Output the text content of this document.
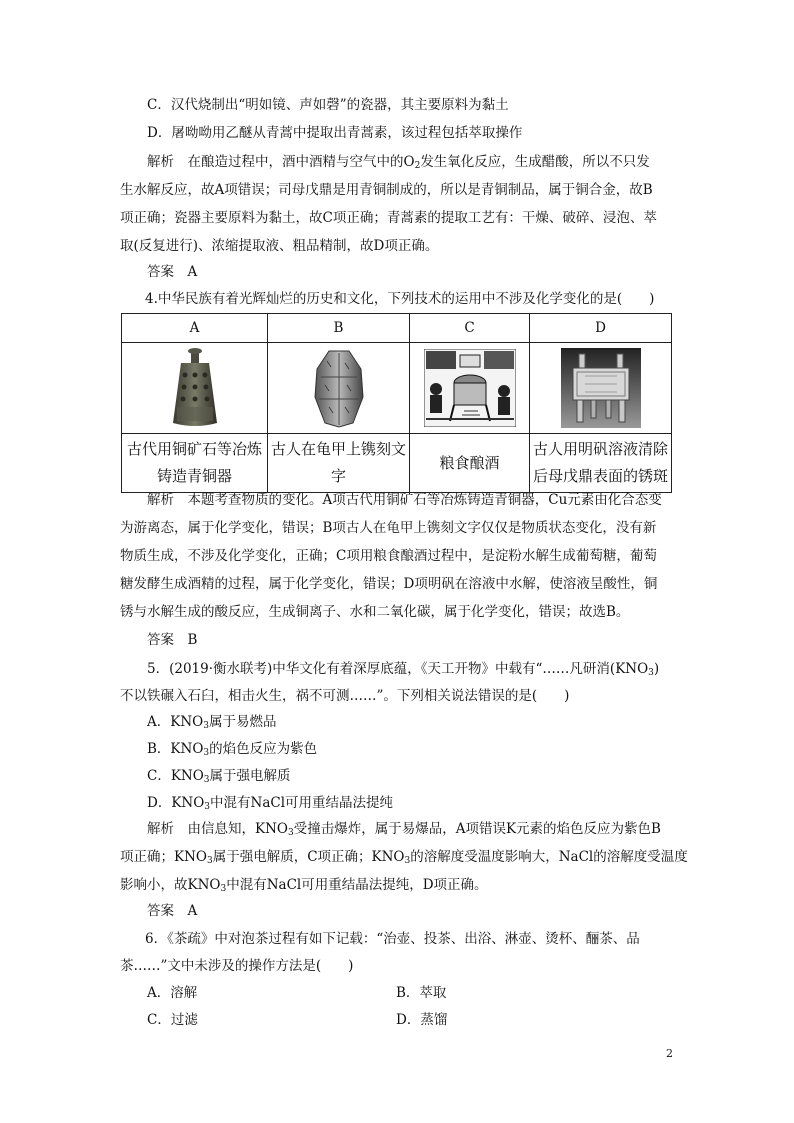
C．汉代烧制出“明如镜、声如磬”的瓷器，其主要原料为黏土
D．屠呦呦用乙醚从青蒿中提取出青蒿素，该过程包括萃取操作
解析　在酿造过程中，酒中酒精与空气中的$O_2$发生氧化反应，生成醋酸，所以不只发
生水解反应，故A项错误；司母戊鼎是用青铜制成的，所以是青铜制品，属于铜合金，故B
项正确；瓷器主要原料为黏土，故C项正确；青蒿素的提取工艺有：干燥、破碎、浸泡、萃
取(反复进行)、浓缩提取液、粗品精制，故D项正确。
答案　A
4.中华民族有着光辉灿烂的历史和文化，下列技术的运用中不涉及化学变化的是(　　)
A	B	C	D

古代用铜矿石等冶炼
铸造青铜器	古人在龟甲上镌刻文
字	粮食酿酒	古人用明矾溶液清除
后母戊鼎表面的锈斑
解析　本题考查物质的变化。A项古代用铜矿石等冶炼铸造青铜器，Cu元素由化合态变
为游离态，属于化学变化，错误；B项古人在龟甲上镌刻文字仅仅是物质状态变化，没有新
物质生成，不涉及化学变化，正确；C项用粮食酿酒过程中，是淀粉水解生成葡萄糖，葡萄
糖发酵生成酒精的过程，属于化学变化，错误；D项明矾在溶液中水解，使溶液呈酸性，铜
锈与水解生成的酸反应，生成铜离子、水和二氧化碳，属于化学变化，错误；故选B。
答案　B
5．(2019·衡水联考)中华文化有着深厚底蕴，《天工开物》中载有“……凡研消$(KNO_3)$
不以铁碾入石臼，相击火生，祸不可测……”。下列相关说法错误的是(　　)
A．$KNO_3$属于易燃品
B．$KNO_3$的焰色反应为紫色
C．$KNO_3$属于强电解质
D．$KNO_3$中混有NaCl可用重结晶法提纯
解析　由信息知，$KNO_3$受撞击爆炸，属于易爆品，A项错误K元素的焰色反应为紫色B
项正确；$KNO_3$属于强电解质，C项正确；$KNO_3$的溶解度受温度影响大，NaCl的溶解度受温度
影响小，故$KNO_3$中混有NaCl可用重结晶法提纯，D项正确。
答案　A
6．《茶疏》中对泡茶过程有如下记载：“治壶、投茶、出浴、淋壶、烫杯、酾茶、品
茶……”文中未涉及的操作方法是(　　)
A．溶解	B．萃取
C．过滤	D．蒸馏
2
